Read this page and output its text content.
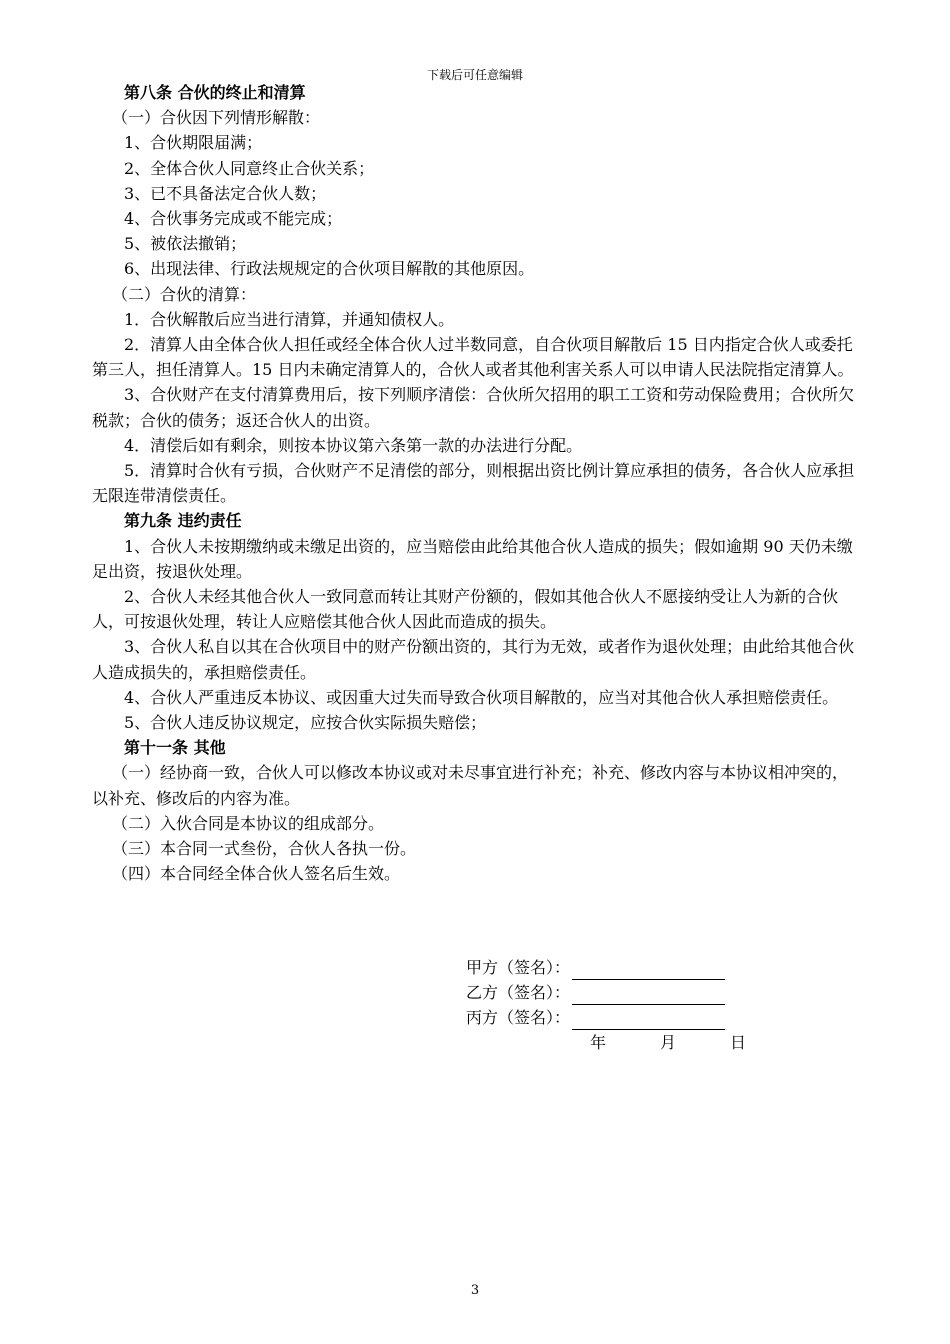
下载后可任意编辑

第八条 合伙的终止和清算

（一）合伙因下列情形解散：

1、合伙期限届满；

2、全体合伙人同意终止合伙关系；

3、已不具备法定合伙人数；

4、合伙事务完成或不能完成；

5、被依法撤销；

6、出现法律、行政法规规定的合伙项目解散的其他原因。

（二）合伙的清算：

1．合伙解散后应当进行清算，并通知债权人。

2．清算人由全体合伙人担任或经全体合伙人过半数同意，自合伙项目解散后 15 日内指定合伙人或委托第三人，担任清算人。15 日内未确定清算人的，合伙人或者其他利害关系人可以申请人民法院指定清算人。

3、合伙财产在支付清算费用后，按下列顺序清偿：合伙所欠招用的职工工资和劳动保险费用；合伙所欠税款；合伙的债务；返还合伙人的出资。

4．清偿后如有剩余，则按本协议第六条第一款的办法进行分配。

5．清算时合伙有亏损，合伙财产不足清偿的部分，则根据出资比例计算应承担的债务，各合伙人应承担无限连带清偿责任。

第九条 违约责任

1、合伙人未按期缴纳或未缴足出资的，应当赔偿由此给其他合伙人造成的损失；假如逾期 90 天仍未缴足出资，按退伙处理。

2、合伙人未经其他合伙人一致同意而转让其财产份额的，假如其他合伙人不愿接纳受让人为新的合伙人，可按退伙处理，转让人应赔偿其他合伙人因此而造成的损失。

3、合伙人私自以其在合伙项目中的财产份额出资的，其行为无效，或者作为退伙处理；由此给其他合伙人造成损失的，承担赔偿责任。

4、合伙人严重违反本协议、或因重大过失而导致合伙项目解散的，应当对其他合伙人承担赔偿责任。

5、合伙人违反协议规定，应按合伙实际损失赔偿；

第十一条 其他

（一）经协商一致，合伙人可以修改本协议或对未尽事宜进行补充；补充、修改内容与本协议相冲突的，以补充、修改后的内容为准。

（二）入伙合同是本协议的组成部分。

（三）本合同一式叁份，合伙人各执一份。

（四）本合同经全体合伙人签名后生效。

甲方（签名）：
乙方（签名）：
丙方（签名）：
年	月	日
3
